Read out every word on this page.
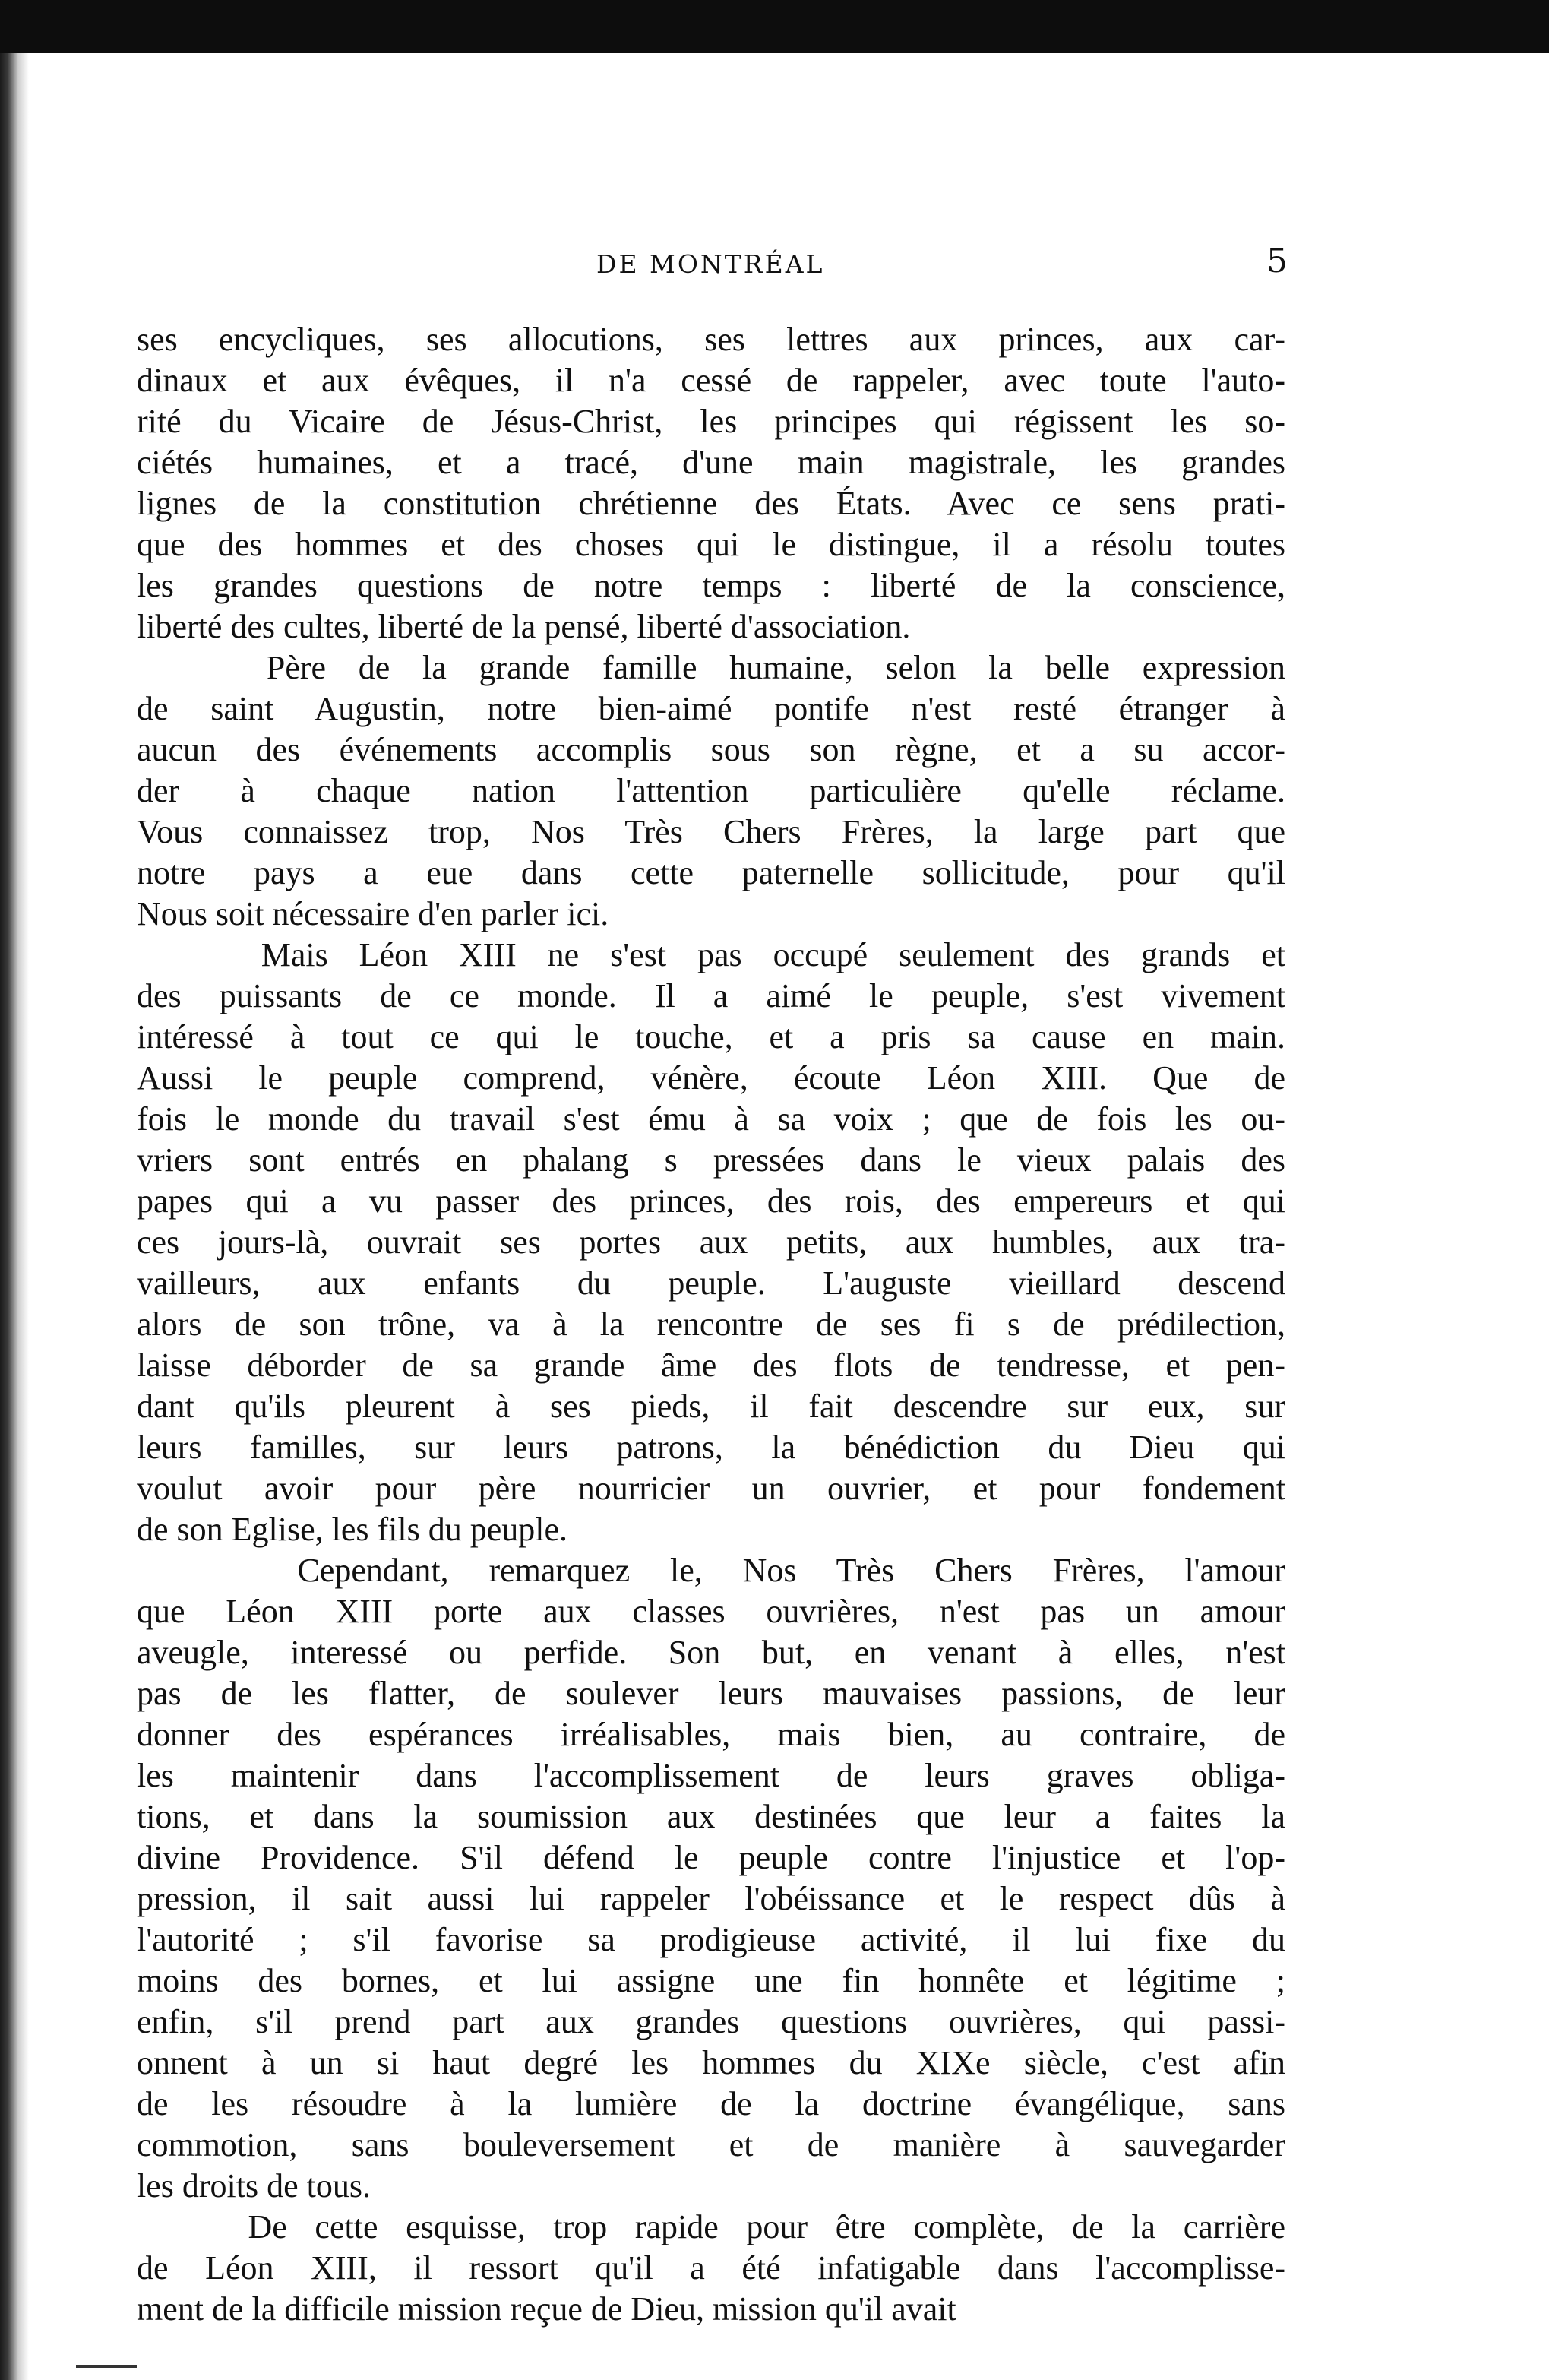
DE MONTRÉAL	5
ses encycliques, ses allocutions, ses lettres aux princes, aux car-
dinaux et aux évêques, il n'a cessé de rappeler, avec toute l'auto-
rité du Vicaire de Jésus-Christ, les principes qui régissent les so-
ciétés humaines, et a tracé, d'une main magistrale, les grandes
lignes de la constitution chrétienne des États. Avec ce sens prati-
que des hommes et des choses qui le distingue, il a résolu toutes
les grandes questions de notre temps : liberté de la conscience,
liberté des cultes, liberté de la pensé, liberté d'association.
Père de la grande famille humaine, selon la belle expression
de saint Augustin, notre bien-aimé pontife n'est resté étranger à
aucun des événements accomplis sous son règne, et a su accor-
der à chaque nation l'attention particulière qu'elle réclame.
Vous connaissez trop, Nos Très Chers Frères, la large part que
notre pays a eue dans cette paternelle sollicitude, pour qu'il
Nous soit nécessaire d'en parler ici.
Mais Léon XIII ne s'est pas occupé seulement des grands et
des puissants de ce monde. Il a aimé le peuple, s'est vivement
intéressé à tout ce qui le touche, et a pris sa cause en main.
Aussi le peuple comprend, vénère, écoute Léon XIII. Que de
fois le monde du travail s'est ému à sa voix ; que de fois les ou-
vriers sont entrés en phalang s pressées dans le vieux palais des
papes qui a vu passer des princes, des rois, des empereurs et qui
ces jours-là, ouvrait ses portes aux petits, aux humbles, aux tra-
vailleurs, aux enfants du peuple. L'auguste vieillard descend
alors de son trône, va à la rencontre de ses fi s de prédilection,
laisse déborder de sa grande âme des flots de tendresse, et pen-
dant qu'ils pleurent à ses pieds, il fait descendre sur eux, sur
leurs familles, sur leurs patrons, la bénédiction du Dieu qui
voulut avoir pour père nourricier un ouvrier, et pour fondement
de son Eglise, les fils du peuple.
Cependant, remarquez le, Nos Très Chers Frères, l'amour
que Léon XIII porte aux classes ouvrières, n'est pas un amour
aveugle, interessé ou perfide. Son but, en venant à elles, n'est
pas de les flatter, de soulever leurs mauvaises passions, de leur
donner des espérances irréalisables, mais bien, au contraire, de
les maintenir dans l'accomplissement de leurs graves obliga-
tions, et dans la soumission aux destinées que leur a faites la
divine Providence. S'il défend le peuple contre l'injustice et l'op-
pression, il sait aussi lui rappeler l'obéissance et le respect dûs à
l'autorité ; s'il favorise sa prodigieuse activité, il lui fixe du
moins des bornes, et lui assigne une fin honnête et légitime ;
enfin, s'il prend part aux grandes questions ouvrières, qui passi-
onnent à un si haut degré les hommes du XIXe siècle, c'est afin
de les résoudre à la lumière de la doctrine évangélique, sans
commotion, sans bouleversement et de manière à sauvegarder
les droits de tous.
De cette esquisse, trop rapide pour être complète, de la carrière
de Léon XIII, il ressort qu'il a été infatigable dans l'accomplisse-
ment de la difficile mission reçue de Dieu, mission qu'il avait
